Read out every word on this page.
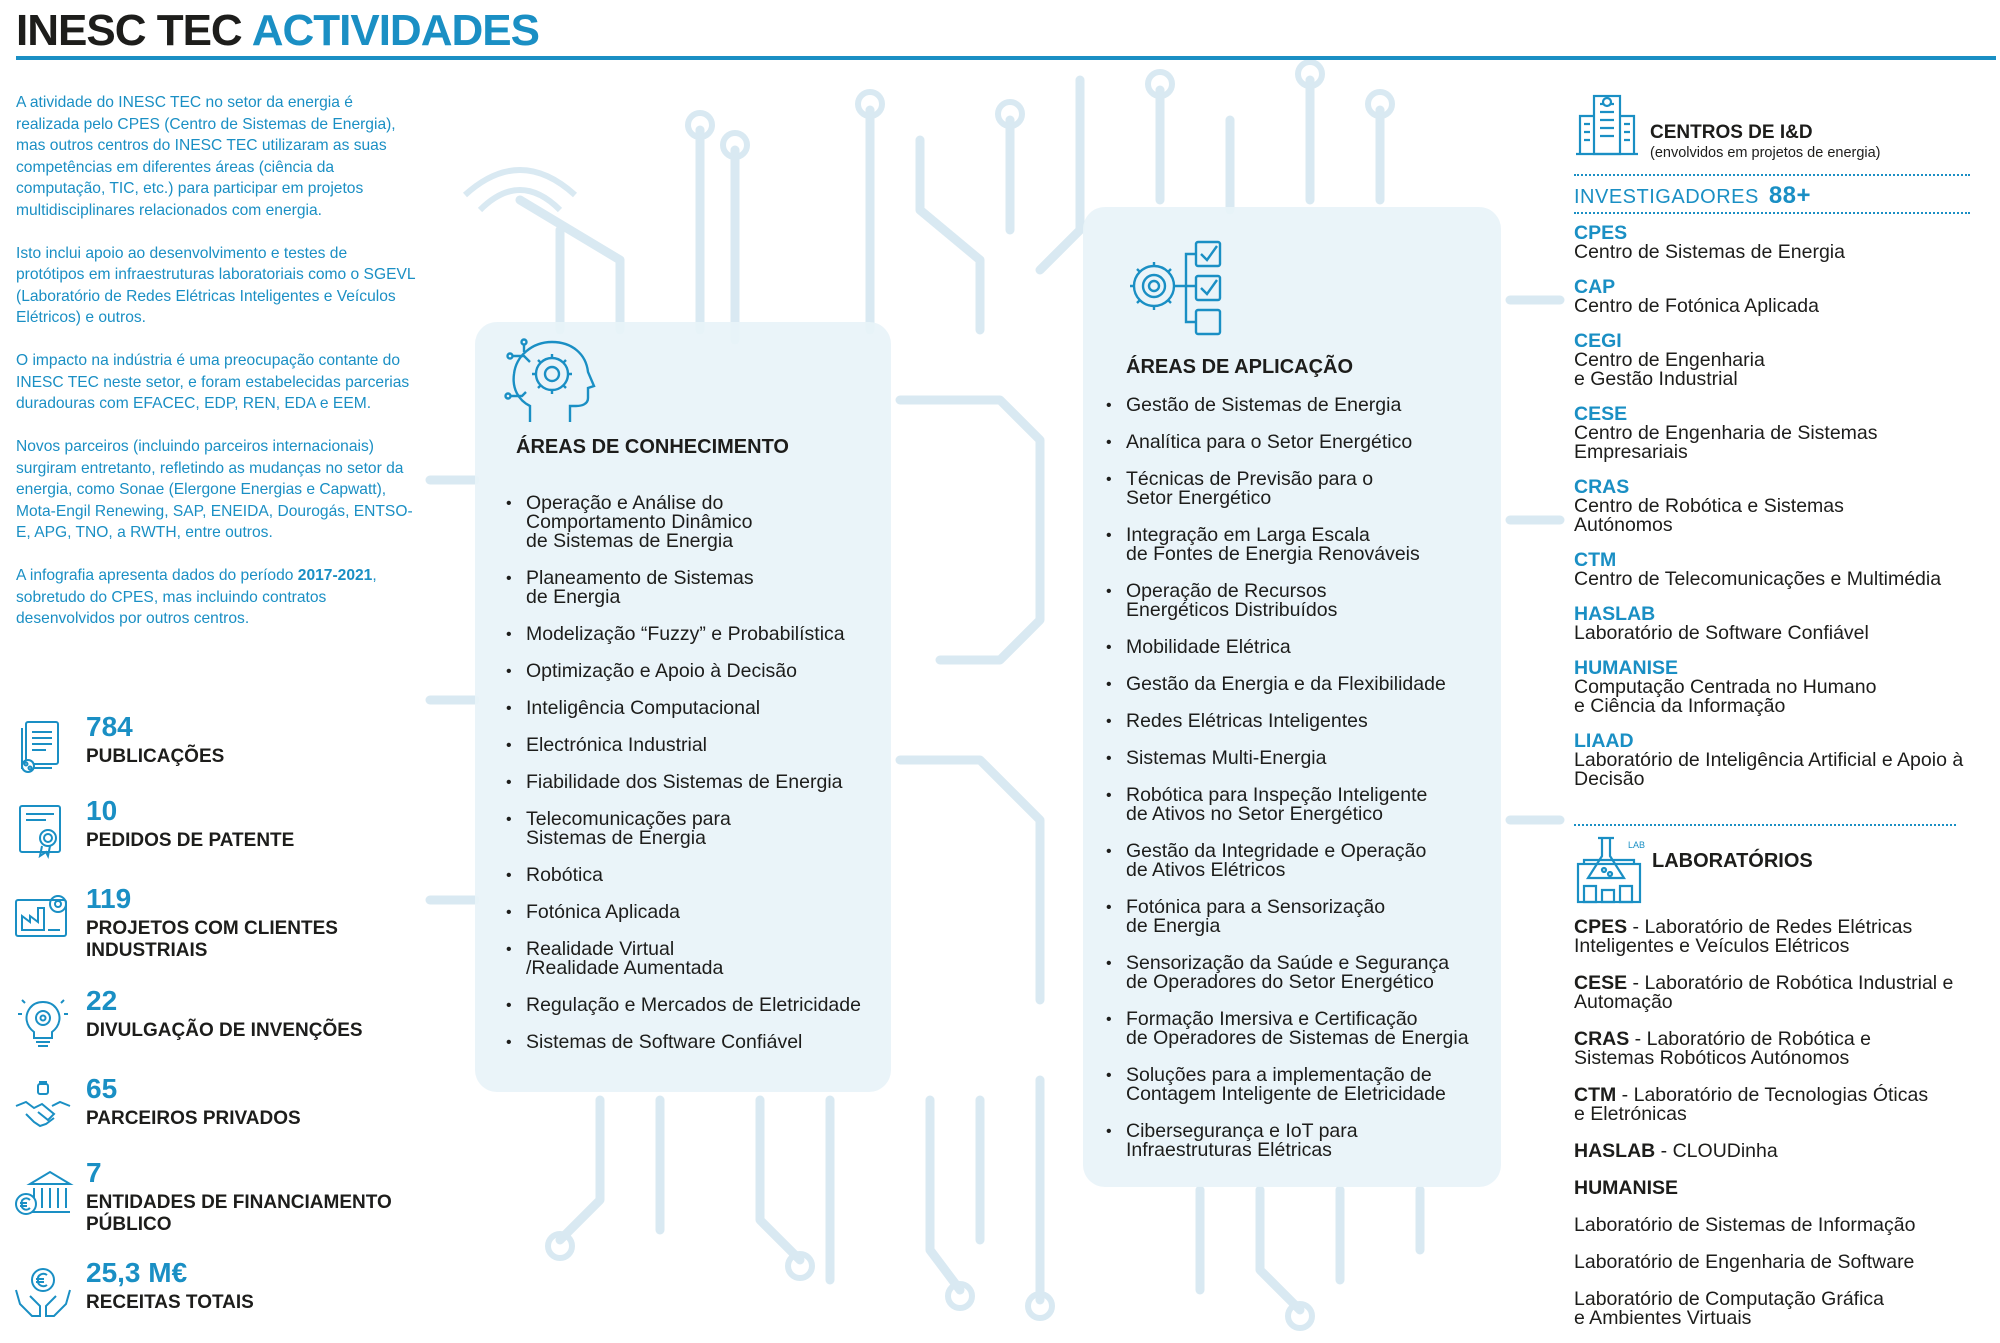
INESC TEC ACTIVIDADES

A atividade do INESC TEC no setor da energia é realizada pelo CPES (Centro de Sistemas de Energia), mas outros centros do INESC TEC utilizaram as suas competências em diferentes áreas (ciência da computação, TIC, etc.) para participar em projetos multidisciplinares relacionados com energia.

Isto inclui apoio ao desenvolvimento e testes de protótipos em infraestruturas laboratoriais como o SGEVL (Laboratório de Redes Elétricas Inteligentes e Veículos Elétricos) e outros.

O impacto na indústria é uma preocupação contante do INESC TEC neste setor, e foram estabelecidas parcerias duradouras com EFACEC, EDP, REN, EDA e EEM.

Novos parceiros (incluindo parceiros internacionais) surgiram entretanto, refletindo as mudanças no setor da energia, como Sonae (Elergone Energias e Capwatt), Mota-Engil Renewing, SAP, ENEIDA, Dourogás, ENTSO-E, APG, TNO, a RWTH, entre outros.

A infografia apresenta dados do período 2017-2021, sobretudo do CPES, mas incluindo contratos desenvolvidos por outros centros.

784
PUBLICAÇÕES
10
PEDIDOS DE PATENTE
119
PROJETOS COM CLIENTES INDUSTRIAIS
22
DIVULGAÇÃO DE INVENÇÕES
65
PARCEIROS PRIVADOS
7
ENTIDADES DE FINANCIAMENTO PÚBLICO
25,3 M€
RECEITAS TOTAIS
ÁREAS DE CONHECIMENTO
• Operação e Análise do
Comportamento Dinâmico
de Sistemas de Energia
• Planeamento de Sistemas
de Energia
• Modelização “Fuzzy” e Probabilística
• Optimização e Apoio à Decisão
• Inteligência Computacional
• Electrónica Industrial
• Fiabilidade dos Sistemas de Energia
• Telecomunicações para
Sistemas de Energia
• Robótica
• Fotónica Aplicada
• Realidade Virtual
/Realidade Aumentada
• Regulação e Mercados de Eletricidade
• Sistemas de Software Confiável
ÁREAS DE APLICAÇÃO
• Gestão de Sistemas de Energia
• Analítica para o Setor Energético
• Técnicas de Previsão para o
Setor Energético
• Integração em Larga Escala
de Fontes de Energia Renováveis
• Operação de Recursos
Energéticos Distribuídos
• Mobilidade Elétrica
• Gestão da Energia e da Flexibilidade
• Redes Elétricas Inteligentes
• Sistemas Multi-Energia
• Robótica para Inspeção Inteligente
de Ativos no Setor Energético
• Gestão da Integridade e Operação
de Ativos Elétricos
• Fotónica para a Sensorização
de Energia
• Sensorização da Saúde e Segurança
de Operadores do Setor Energético
• Formação Imersiva e Certificação
de Operadores de Sistemas de Energia
• Soluções para a implementação de
Contagem Inteligente de Eletricidade
• Cibersegurança e IoT para
Infraestruturas Elétricas
CENTROS DE I&D
(envolvidos em projetos de energia)
INVESTIGADORES 88+
CPES
Centro de Sistemas de Energia
CAP
Centro de Fotónica Aplicada
CEGI
Centro de Engenharia
e Gestão Industrial
CESE
Centro de Engenharia de Sistemas
Empresariais
CRAS
Centro de Robótica e Sistemas
Autónomos
CTM
Centro de Telecomunicações e Multimédia
HASLAB
Laboratório de Software Confiável
HUMANISE
Computação Centrada no Humano
e Ciência da Informação
LIAAD
Laboratório de Inteligência Artificial e Apoio à
Decisão
LAB
LABORATÓRIOS
CPES - Laboratório de Redes Elétricas
Inteligentes e Veículos Elétricos
CESE - Laboratório de Robótica Industrial e
Automação
CRAS - Laboratório de Robótica e
Sistemas Robóticos Autónomos
CTM - Laboratório de Tecnologias Óticas
e Eletrónicas
HASLAB - CLOUDinha
HUMANISE
Laboratório de Sistemas de Informação
Laboratório de Engenharia de Software
Laboratório de Computação Gráfica
e Ambientes Virtuais
